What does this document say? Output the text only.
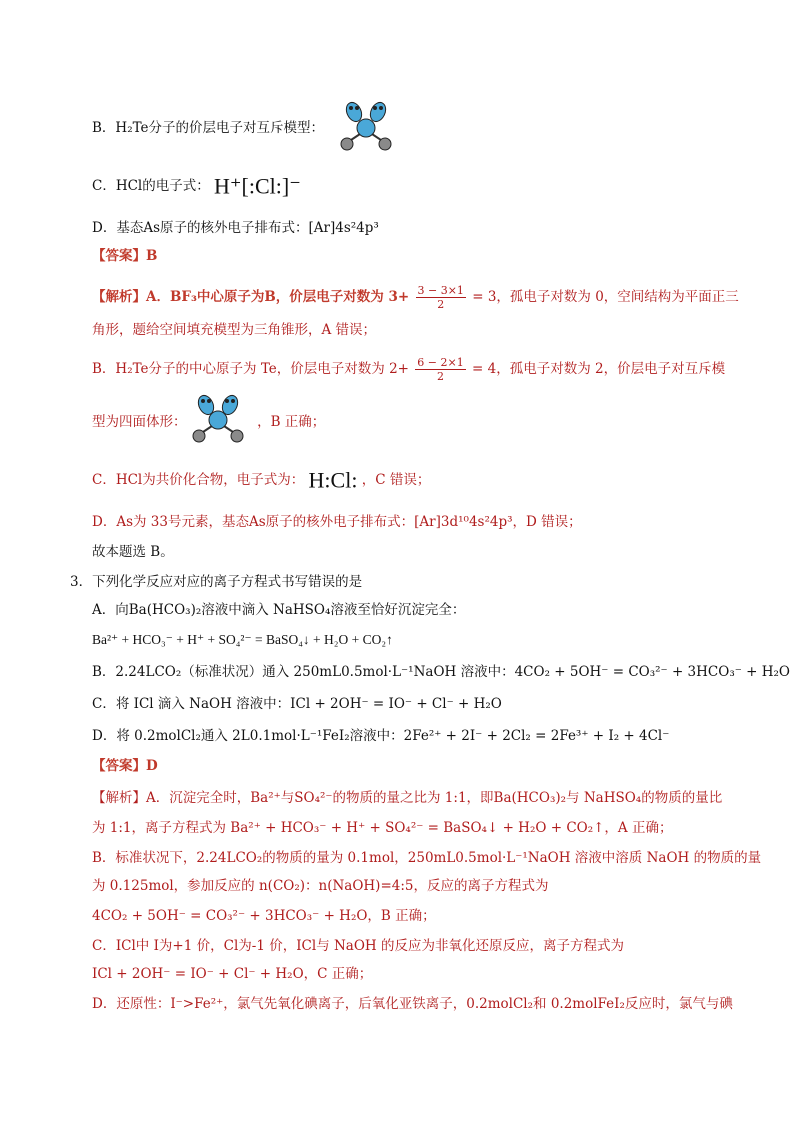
B．H₂Te分子的价层电子对互斥模型：
C．HCl的电子式： H⁺[:Cl:]⁻
D．基态As原子的核外电子排布式：[Ar]4s²4p³
【答案】B
【解析】A．BF₃中心原子为B，价层电子对数为 $3+ \frac{3 - 3\times 1}{2} = 3$，孤电子对数为 0，空间结构为平面正三
角形，题给空间填充模型为三角锥形，A 错误；
B．H₂Te分子的中心原子为 Te，价层电子对数为 $2+ \frac{6 - 2\times 1}{2} = 4$，孤电子对数为 2，价层电子对互斥模
型为四面体形：	，B 正确；
C．HCl为共价化合物，电子式为： H:Cl: ，C 错误；
D．As为 33号元素，基态As原子的核外电子排布式：[Ar]3d¹⁰4s²4p³，D 错误；
故本题选 B。
3．下列化学反应对应的离子方程式书写错误的是
A．向Ba(HCO₃)₂溶液中滴入 NaHSO₄溶液至恰好沉淀完全：
Ba²⁺ + HCO₃⁻ + H⁺ + SO₄²⁻ = BaSO₄↓ + H₂O + CO₂↑
B．2.24LCO₂（标准状况）通入 250mL0.5mol·L⁻¹NaOH 溶液中：4CO₂ + 5OH⁻ = CO₃²⁻ + 3HCO₃⁻ + H₂O
C．将 ICl 滴入 NaOH 溶液中：ICl + 2OH⁻ = IO⁻ + Cl⁻ + H₂O
D．将 0.2molCl₂通入 2L0.1mol·L⁻¹FeI₂溶液中：2Fe²⁺ + 2I⁻ + 2Cl₂ = 2Fe³⁺ + I₂ + 4Cl⁻
【答案】D
【解析】A．沉淀完全时，Ba²⁺与SO₄²⁻的物质的量之比为 1:1，即Ba(HCO₃)₂与 NaHSO₄的物质的量比
为 1:1，离子方程式为 Ba²⁺ + HCO₃⁻ + H⁺ + SO₄²⁻ = BaSO₄↓ + H₂O + CO₂↑，A 正确；
B．标准状况下，2.24LCO₂的物质的量为 0.1mol，250mL0.5mol·L⁻¹NaOH 溶液中溶质 NaOH 的物质的量
为 0.125mol，参加反应的 n(CO₂)：n(NaOH)=4:5，反应的离子方程式为
4CO₂ + 5OH⁻ = CO₃²⁻ + 3HCO₃⁻ + H₂O，B 正确；
C．ICl中 I为+1 价，Cl为-1 价，ICl与 NaOH 的反应为非氧化还原反应，离子方程式为
ICl + 2OH⁻ = IO⁻ + Cl⁻ + H₂O，C 正确；
D．还原性：I⁻>Fe²⁺，氯气先氧化碘离子，后氧化亚铁离子，0.2molCl₂和 0.2molFeI₂反应时，氯气与碘
